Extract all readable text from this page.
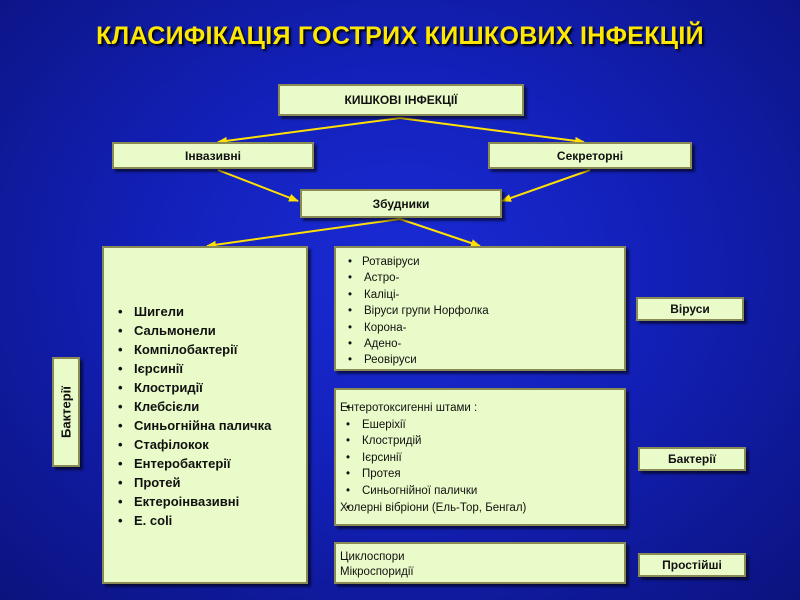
КЛАСИФІКАЦІЯ ГОСТРИХ КИШКОВИХ ІНФЕКЦІЙ
КИШКОВІ ІНФЕКЦІЇ
Інвазивні	Секреторні
Збудники
Бактерії
• Шигели
• Сальмонели
• Компілобактерії
• Ієрсинії
• Клостридії
• Клебсієли
• Синьогнійна паличка
• Стафілокок
• Ентеробактерії
• Протей
• Ектероінвазивні
• E. coli
• Ротавіруси
• Астро-
• Каліці-
• Віруси групи Норфолка
• Корона-
• Адено-
• Реовіруси
• Ентеротоксигенні штами :
• Ешеріхії
• Клостридій
• Ієрсинії
• Протея
• Синьогнійної палички
• Холерні вібріони (Ель-Тор, Бенгал)
Циклоспори
Мікроспоридії
Віруси
Бактерії
Простійші
